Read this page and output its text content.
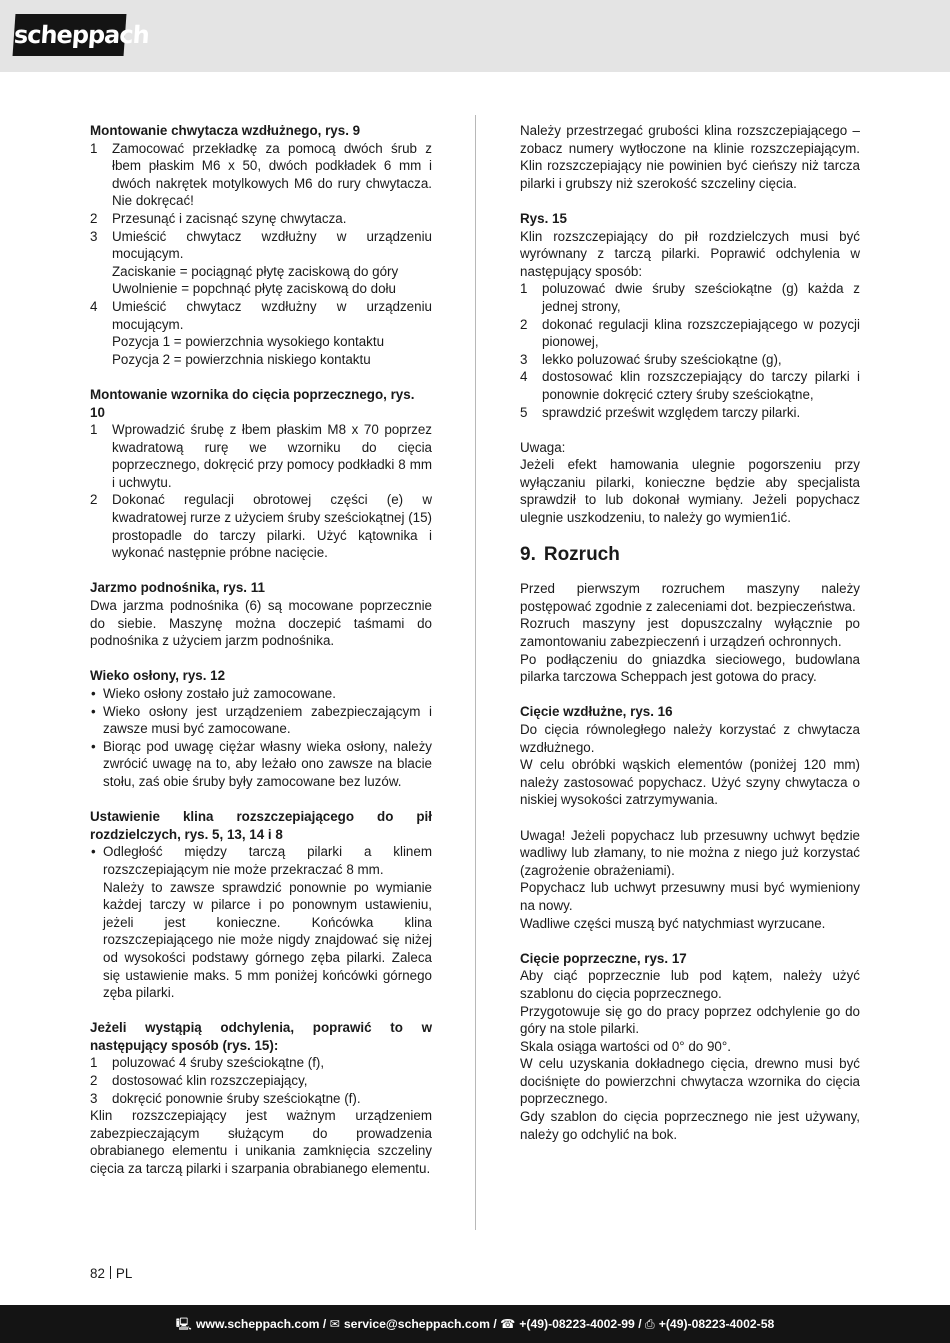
scheppach
Montowanie chwytacza wzdłużnego, rys. 9
1 Zamocować przekładkę za pomocą dwóch śrub z łbem płaskim M6 x 50, dwóch podkładek 6 mm i dwóch nakrętek motylkowych M6 do rury chwytacza. Nie dokręcać!
2 Przesunąć i zacisnąć szynę chwytacza.
3 Umieścić chwytacz wzdłużny w urządzeniu mocującym.
Zaciskanie = pociągnąć płytę zaciskową do góry
Uwolnienie = popchnąć płytę zaciskową do dołu
4 Umieścić chwytacz wzdłużny w urządzeniu mocującym.
Pozycja 1 = powierzchnia wysokiego kontaktu
Pozycja 2 = powierzchnia niskiego kontaktu
Montowanie wzornika do cięcia poprzecznego, rys. 10
1 Wprowadzić śrubę z łbem płaskim M8 x 70 poprzez kwadratową rurę we wzorniku do cięcia poprzecznego, dokręcić przy pomocy podkładki 8 mm i uchwytu.
2 Dokonać regulacji obrotowej części (e) w kwadratowej rurze z użyciem śruby sześciokątnej (15) prostopadle do tarczy pilarki. Użyć kątownika i wykonać następnie próbne nacięcie.
Jarzmo podnośnika, rys. 11

Dwa jarzma podnośnika (6) są mocowane poprzecznie do siebie. Maszynę można doczepić taśmami do podnośnika z użyciem jarzm podnośnika.

Wieko osłony, rys. 12
• Wieko osłony zostało już zamocowane.
• Wieko osłony jest urządzeniem zabezpieczającym i zawsze musi być zamocowane.
• Biorąc pod uwagę ciężar własny wieka osłony, należy zwrócić uwagę na to, aby leżało ono zawsze na blacie stołu, zaś obie śruby były zamocowane bez luzów.
Ustawienie klina rozszczepiającego do pił rozdzielczych, rys. 5, 13, 14 i 8
• Odległość między tarczą pilarki a klinem rozszczepiającym nie może przekraczać 8 mm.
Należy to zawsze sprawdzić ponownie po wymianie każdej tarczy w pilarce i po ponownym ustawieniu, jeżeli jest konieczne. Końcówka klina rozszczepiającego nie może nigdy znajdować się niżej od wysokości podstawy górnego zęba pilarki. Zaleca się ustawienie maks. 5 mm poniżej końcówki górnego zęba pilarki.
Jeżeli wystąpią odchylenia, poprawić to w następujący sposób (rys. 15):
1 poluzować 4 śruby sześciokątne (f),
2 dostosować klin rozszczepiający,
3 dokręcić ponownie śruby sześciokątne (f).

Klin rozszczepiający jest ważnym urządzeniem zabezpieczającym służącym do prowadzenia obrabianego elementu i unikania zamknięcia szczeliny cięcia za tarczą pilarki i szarpania obrabianego elementu.

Należy przestrzegać grubości klina rozszczepiającego – zobacz numery wytłoczone na klinie rozszczepiającym. Klin rozszczepiający nie powinien być cieńszy niż tarcza pilarki i grubszy niż szerokość szczeliny cięcia.

Rys. 15

Klin rozszczepiający do pił rozdzielczych musi być wyrównany z tarczą pilarki. Poprawić odchylenia w następujący sposób:

1 poluzować dwie śruby sześciokątne (g) każda z jednej strony,
2 dokonać regulacji klina rozszczepiającego w pozycji pionowej,
3 lekko poluzować śruby sześciokątne (g),
4 dostosować klin rozszczepiający do tarczy pilarki i ponownie dokręcić cztery śruby sześciokątne,
5 sprawdzić prześwit względem tarczy pilarki.
Uwaga:

Jeżeli efekt hamowania ulegnie pogorszeniu przy wyłączaniu pilarki, konieczne będzie aby specjalista sprawdził to lub dokonał wymiany. Jeżeli popychacz ulegnie uszkodzeniu, to należy go wymien1ić.

9. Rozruch

Przed pierwszym rozruchem maszyny należy postępować zgodnie z zaleceniami dot. bezpieczeństwa.

Rozruch maszyny jest dopuszczalny wyłącznie po zamontowaniu zabezpieczenń i urządzeń ochronnych.

Po podłączeniu do gniazdka sieciowego, budowlana pilarka tarczowa Scheppach jest gotowa do pracy.

Cięcie wzdłużne, rys. 16

Do cięcia równoległego należy korzystać z chwytacza wzdłużnego.

W celu obróbki wąskich elementów (poniżej 120 mm) należy zastosować popychacz. Użyć szyny chwytacza o niskiej wysokości zatrzymywania.

Uwaga! Jeżeli popychacz lub przesuwny uchwyt będzie wadliwy lub złamany, to nie można z niego już korzystać (zagrożenie obrażeniami).

Popychacz lub uchwyt przesuwny musi być wymieniony na nowy.

Wadliwe części muszą być natychmiast wyrzucane.

Cięcie poprzeczne, rys. 17

Aby ciąć poprzecznie lub pod kątem, należy użyć szablonu do cięcia poprzecznego.

Przygotowuje się go do pracy poprzez odchylenie go do góry na stole pilarki.

Skala osiąga wartości od 0° do 90°.

W celu uzyskania dokładnego cięcia, drewno musi być dociśnięte do powierzchni chwytacza wzornika do cięcia poprzecznego.

Gdy szablon do cięcia poprzecznego nie jest używany, należy go odchylić na bok.

82 PL
🖳 www.scheppach.com / ✉ service@scheppach.com / ☎ +(49)-08223-4002-99 / ⎙ +(49)-08223-4002-58
